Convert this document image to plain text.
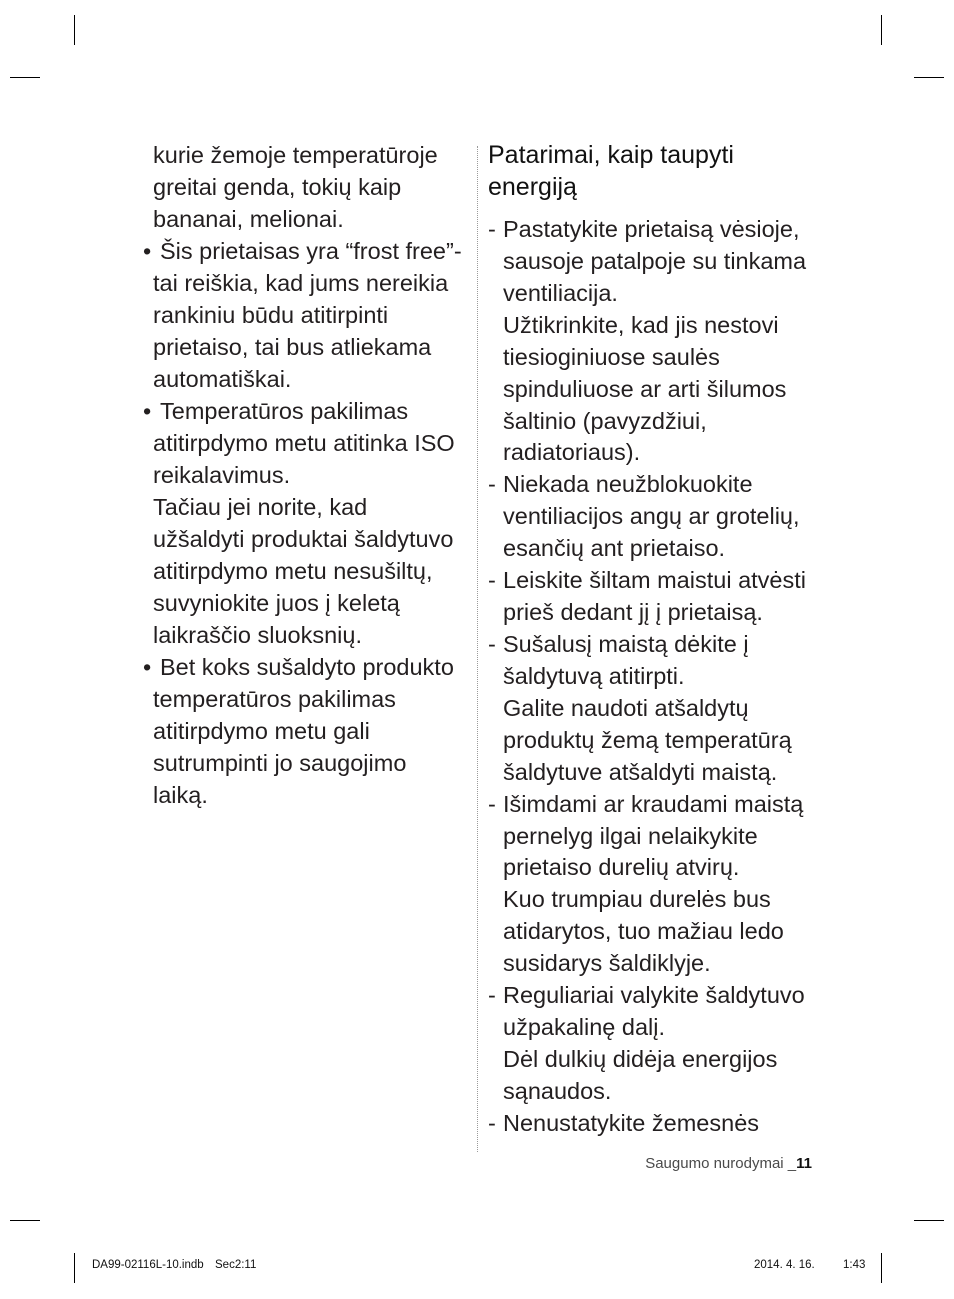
kurie žemoje temperatūroje
greitai genda, tokių kaip
bananai, melionai.
• Šis prietaisas yra “frost free”-
tai reiškia, kad jums nereikia
rankiniu būdu atitirpinti
prietaiso, tai bus atliekama
automatiškai.
• Temperatūros pakilimas
atitirpdymo metu atitinka ISO
reikalavimus.
Tačiau jei norite, kad
užšaldyti produktai šaldytuvo
atitirpdymo metu nesušiltų,
suvyniokite juos į keletą
laikraščio sluoksnių.
• Bet koks sušaldyto produkto
temperatūros pakilimas
atitirpdymo metu gali
sutrumpinti jo saugojimo
laiką.
Patarimai, kaip taupyti
energiją
- Pastatykite prietaisą vėsioje,
sausoje patalpoje su tinkama
ventiliacija.
Užtikrinkite, kad jis nestovi
tiesioginiuose saulės
spinduliuose ar arti šilumos
šaltinio (pavyzdžiui,
radiatoriaus).
- Niekada neužblokuokite
ventiliacijos angų ar grotelių,
esančių ant prietaiso.
- Leiskite šiltam maistui atvėsti
prieš dedant jį į prietaisą.
- Sušalusį maistą dėkite į
šaldytuvą atitirpti.
Galite naudoti atšaldytų
produktų žemą temperatūrą
šaldytuve atšaldyti maistą.
- Išimdami ar kraudami maistą
pernelyg ilgai nelaikykite
prietaiso durelių atvirų.
Kuo trumpiau durelės bus
atidarytos, tuo mažiau ledo
susidarys šaldiklyje.
- Reguliariai valykite šaldytuvo
užpakalinę dalį.
Dėl dulkių didėja energijos
sąnaudos.
- Nenustatykite žemesnės
Saugumo nurodymai _11
DA99-02116L-10.indb Sec2:11	2014. 4. 16. 1:43
